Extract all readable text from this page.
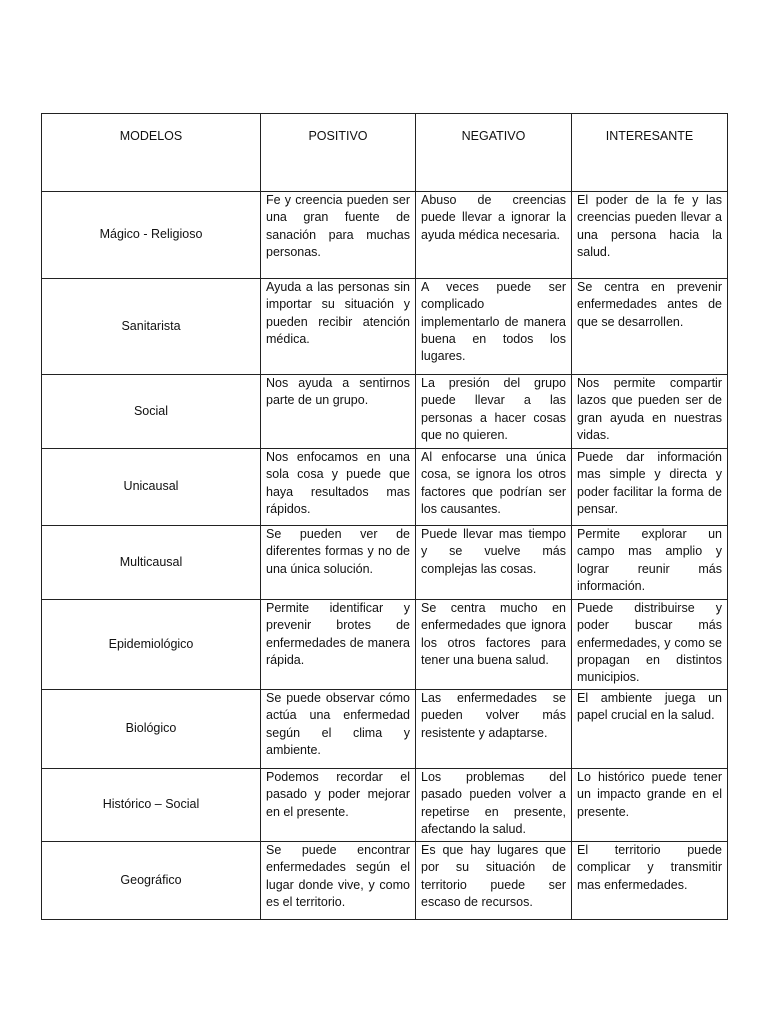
MODELOS	POSITIVO	NEGATIVO	INTERESANTE
Mágico - Religioso	Fe y creencia pueden ser una gran fuente de sanación para muchas personas.	Abuso de creencias puede llevar a ignorar la ayuda médica necesaria.	El poder de la fe y las creencias pueden llevar a una persona hacia la salud.
Sanitarista	Ayuda a las personas sin importar su situación y pueden recibir atención médica.	A veces puede ser complicado implementarlo de manera buena en todos los lugares.	Se centra en prevenir enfermedades antes de que se desarrollen.
Social	Nos ayuda a sentirnos parte de un grupo.	La presión del grupo puede llevar a las personas a hacer cosas que no quieren.	Nos permite compartir lazos que pueden ser de gran ayuda en nuestras vidas.
Unicausal	Nos enfocamos en una sola cosa y puede que haya resultados mas rápidos.	Al enfocarse una única cosa, se ignora los otros factores que podrían ser los causantes.	Puede dar información mas simple y directa y poder facilitar la forma de pensar.
Multicausal	Se pueden ver de diferentes formas y no de una única solución.	Puede llevar mas tiempo y se vuelve más complejas las cosas.	Permite explorar un campo mas amplio y lograr reunir más información.
Epidemiológico	Permite identificar y prevenir brotes de enfermedades de manera rápida.	Se centra mucho en enfermedades que ignora los otros factores para tener una buena salud.	Puede distribuirse y poder buscar más enfermedades, y como se propagan en distintos municipios.
Biológico	Se puede observar cómo actúa una enfermedad según el clima y ambiente.	Las enfermedades se pueden volver más resistente y adaptarse.	El ambiente juega un papel crucial en la salud.
Histórico – Social	Podemos recordar el pasado y poder mejorar en el presente.	Los problemas del pasado pueden volver a repetirse en presente, afectando la salud.	Lo histórico puede tener un impacto grande en el presente.
Geográfico	Se puede encontrar enfermedades según el lugar donde vive, y como es el territorio.	Es que hay lugares que por su situación de territorio puede ser escaso de recursos.	El territorio puede complicar y transmitir mas enfermedades.
